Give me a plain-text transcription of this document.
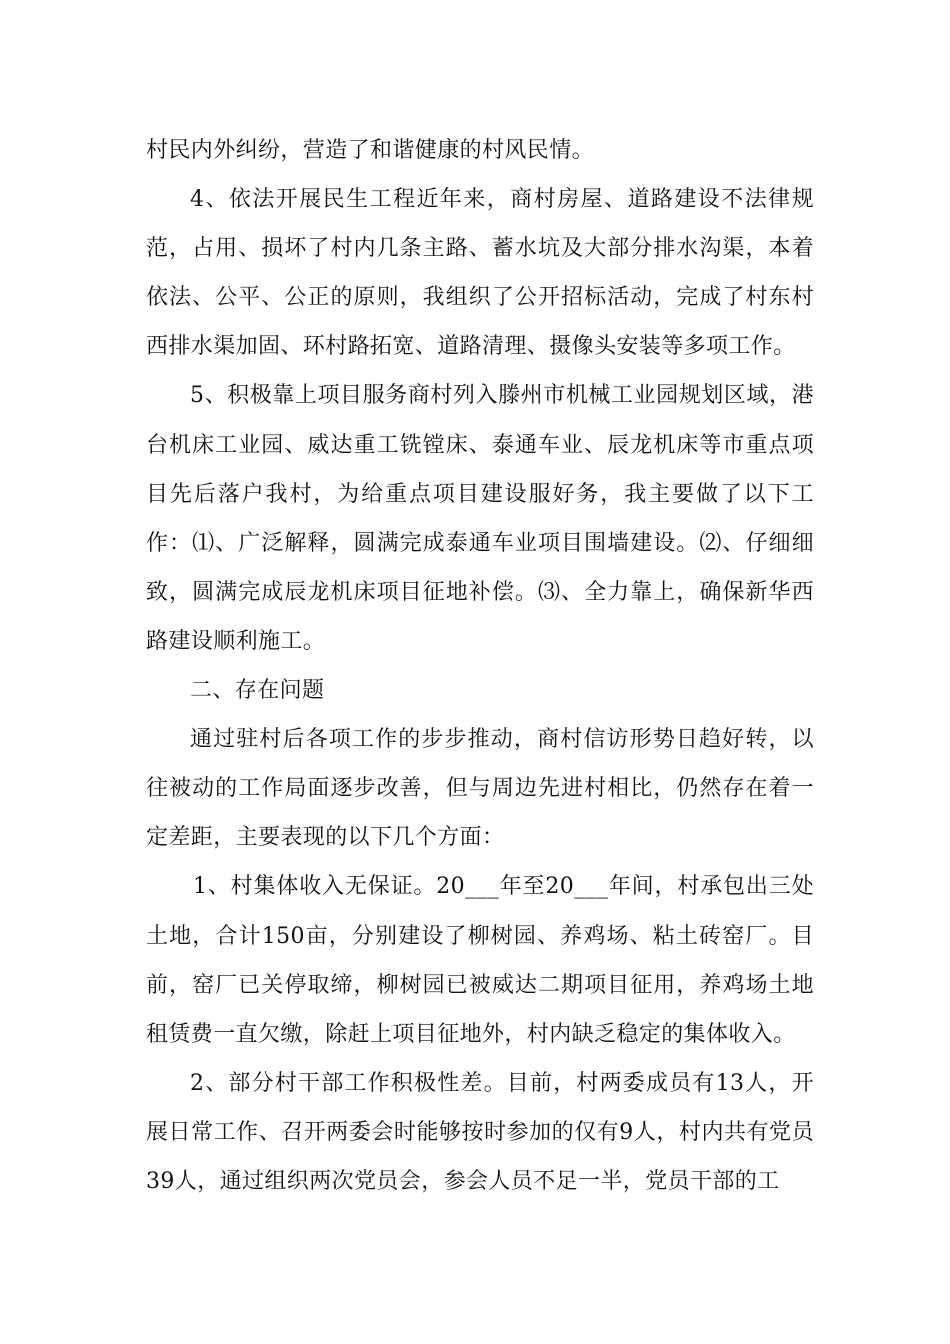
村民内外纠纷，营造了和谐健康的村风民情。

4、依法开展民生工程近年来，商村房屋、道路建设不法律规范，占用、损坏了村内几条主路、蓄水坑及大部分排水沟渠，本着依法、公平、公正的原则，我组织了公开招标活动，完成了村东村西排水渠加固、环村路拓宽、道路清理、摄像头安装等多项工作。

5、积极靠上项目服务商村列入滕州市机械工业园规划区域，港台机床工业园、威达重工铣镗床、泰通车业、辰龙机床等市重点项目先后落户我村，为给重点项目建设服好务，我主要做了以下工作：⑴、广泛解释，圆满完成泰通车业项目围墙建设。⑵、仔细细致，圆满完成辰龙机床项目征地补偿。⑶、全力靠上，确保新华西路建设顺利施工。

二、存在问题

通过驻村后各项工作的步步推动，商村信访形势日趋好转，以往被动的工作局面逐步改善，但与周边先进村相比，仍然存在着一定差距，主要表现的以下几个方面：

1、村集体收入无保证。20___年至20___年间，村承包出三处土地，合计150亩，分别建设了柳树园、养鸡场、粘土砖窑厂。目前，窑厂已关停取缔，柳树园已被威达二期项目征用，养鸡场土地租赁费一直欠缴，除赶上项目征地外，村内缺乏稳定的集体收入。

2、部分村干部工作积极性差。目前，村两委成员有13人，开展日常工作、召开两委会时能够按时参加的仅有9人，村内共有党员39人，通过组织两次党员会，参会人员不足一半，党员干部的工
